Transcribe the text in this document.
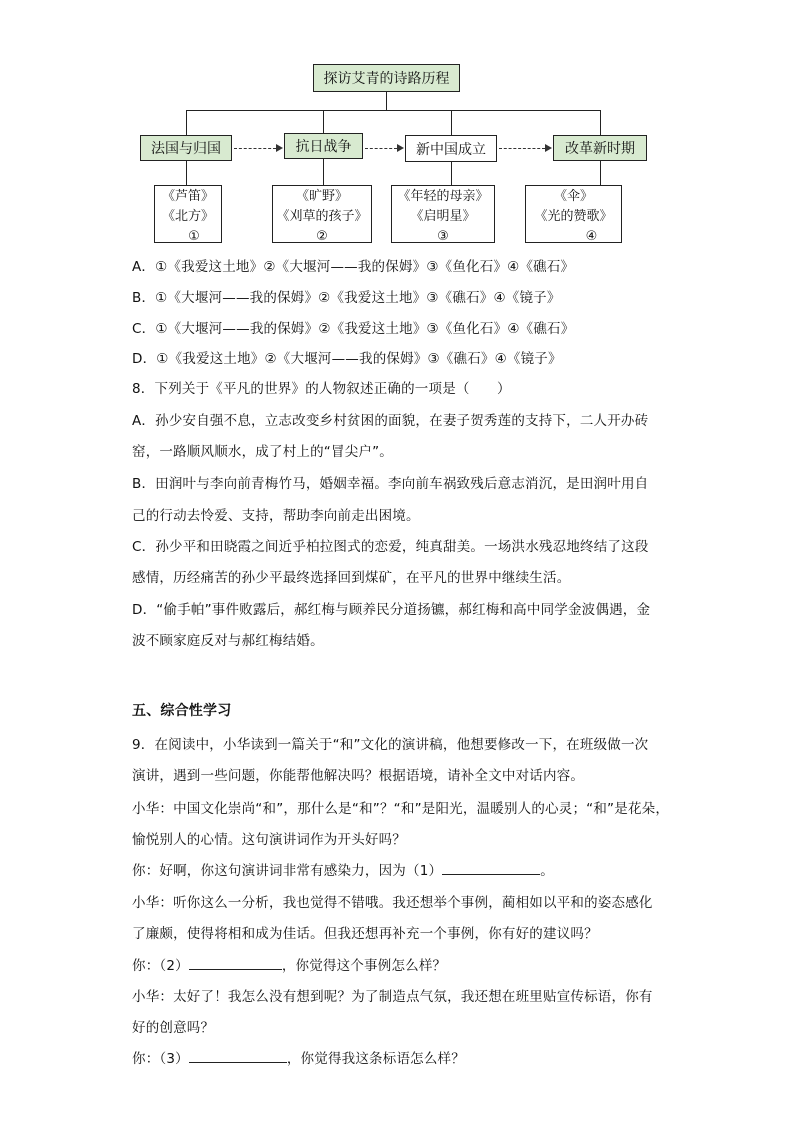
探访艾青的诗路历程
法国与归国	抗日战争	新中国成立	改革新时期
《芦笛》
《北方》
①
《旷野》
《刈草的孩子》
②
《年轻的母亲》
《启明星》
③
《伞》
《光的赞歌》
④
A．①《我爱这土地》②《大堰河——我的保姆》③《鱼化石》④《礁石》
B．①《大堰河——我的保姆》②《我爱这土地》③《礁石》④《镜子》
C．①《大堰河——我的保姆》②《我爱这土地》③《鱼化石》④《礁石》
D．①《我爱这土地》②《大堰河——我的保姆》③《礁石》④《镜子》
8．下列关于《平凡的世界》的人物叙述正确的一项是（　　）
A．孙少安自强不息，立志改变乡村贫困的面貌，在妻子贺秀莲的支持下，二人开办砖
窑，一路顺风顺水，成了村上的“冒尖户”。
B．田润叶与李向前青梅竹马，婚姻幸福。李向前车祸致残后意志消沉，是田润叶用自
己的行动去怜爱、支持，帮助李向前走出困境。
C．孙少平和田晓霞之间近乎柏拉图式的恋爱，纯真甜美。一场洪水残忍地终结了这段
感情，历经痛苦的孙少平最终选择回到煤矿，在平凡的世界中继续生活。
D．“偷手帕”事件败露后，郝红梅与顾养民分道扬镳，郝红梅和高中同学金波偶遇，金
波不顾家庭反对与郝红梅结婚。
五、综合性学习
9．在阅读中，小华读到一篇关于“和”文化的演讲稿，他想要修改一下，在班级做一次
演讲，遇到一些问题，你能帮他解决吗？根据语境，请补全文中对话内容。
小华：中国文化崇尚“和”，那什么是“和”？“和”是阳光，温暖别人的心灵；“和”是花朵，
愉悦别人的心情。这句演讲词作为开头好吗？
你：好啊，你这句演讲词非常有感染力，因为（1）	。
小华：听你这么一分析，我也觉得不错哦。我还想举个事例，蔺相如以平和的姿态感化
了廉颇，使得将相和成为佳话。但我还想再补充一个事例，你有好的建议吗？
你：（2）	，你觉得这个事例怎么样？
小华：太好了！我怎么没有想到呢？为了制造点气氛，我还想在班里贴宣传标语，你有
好的创意吗？
你：（3）	，你觉得我这条标语怎么样？
